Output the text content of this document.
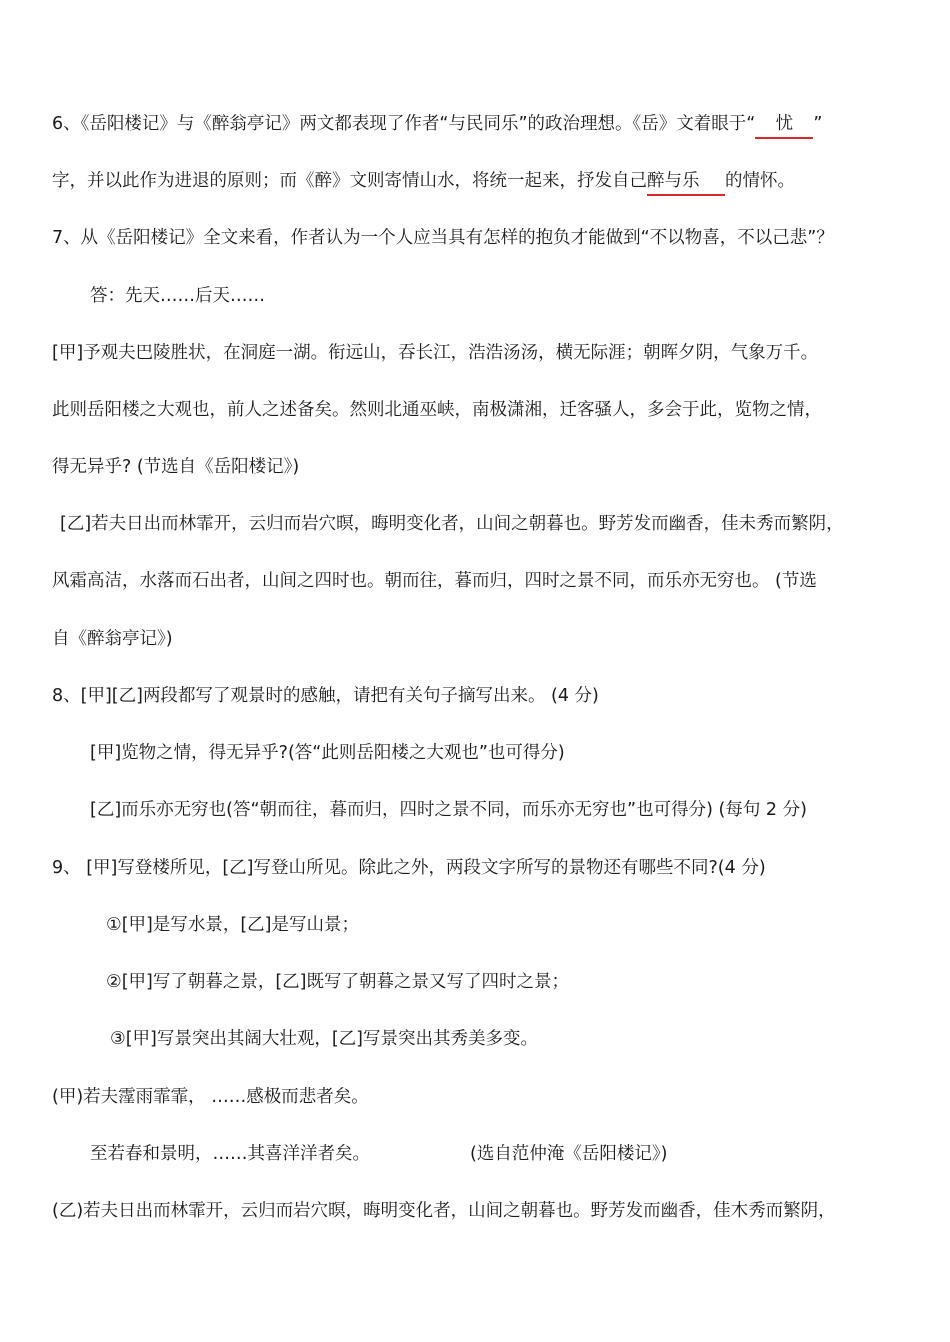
6、《岳阳楼记》与《醉翁亭记》两文都表现了作者“与民同乐”的政治理想。《岳》文着眼于“ 忧 ”
字，并以此作为进退的原则；而《醉》文则寄情山水，将统一起来，抒发自己醉与乐 的情怀。
7、从《岳阳楼记》全文来看，作者认为一个人应当具有怎样的抱负才能做到“不以物喜，不以己悲”？
答：先天……后天……
[甲]予观夫巴陵胜状，在洞庭一湖。衔远山，吞长江，浩浩汤汤，横无际涯；朝晖夕阴，气象万千。
此则岳阳楼之大观也，前人之述备矣。然则北通巫峡，南极潇湘，迁客骚人，多会于此，览物之情，
得无异乎? (节选自《岳阳楼记》)
[乙]若夫日出而林霏开，云归而岩穴暝，晦明变化者，山间之朝暮也。野芳发而幽香，佳未秀而繁阴，
风霜高洁，水落而石出者，山间之四时也。朝而往，暮而归，四时之景不同，而乐亦无穷也。 (节选
自《醉翁亭记》)
8、[甲][乙]两段都写了观景时的感触，请把有关句子摘写出来。 (4 分)
[甲]览物之情，得无异乎?(答“此则岳阳楼之大观也”也可得分)
[乙]而乐亦无穷也(答“朝而往，暮而归，四时之景不同，而乐亦无穷也”也可得分) (每句 2 分)
9、 [甲]写登楼所见，[乙]写登山所见。除此之外，两段文字所写的景物还有哪些不同?(4 分)
①[甲]是写水景，[乙]是写山景；
②[甲]写了朝暮之景，[乙]既写了朝暮之景又写了四时之景；
③[甲]写景突出其阔大壮观，[乙]写景突出其秀美多变。
(甲)若夫霪雨霏霏， ……感极而悲者矣。
至若春和景明，……其喜洋洋者矣。	(选自范仲淹《岳阳楼记》)
(乙)若夫日出而林霏开，云归而岩穴暝，晦明变化者，山间之朝暮也。野芳发而幽香，佳木秀而繁阴，
